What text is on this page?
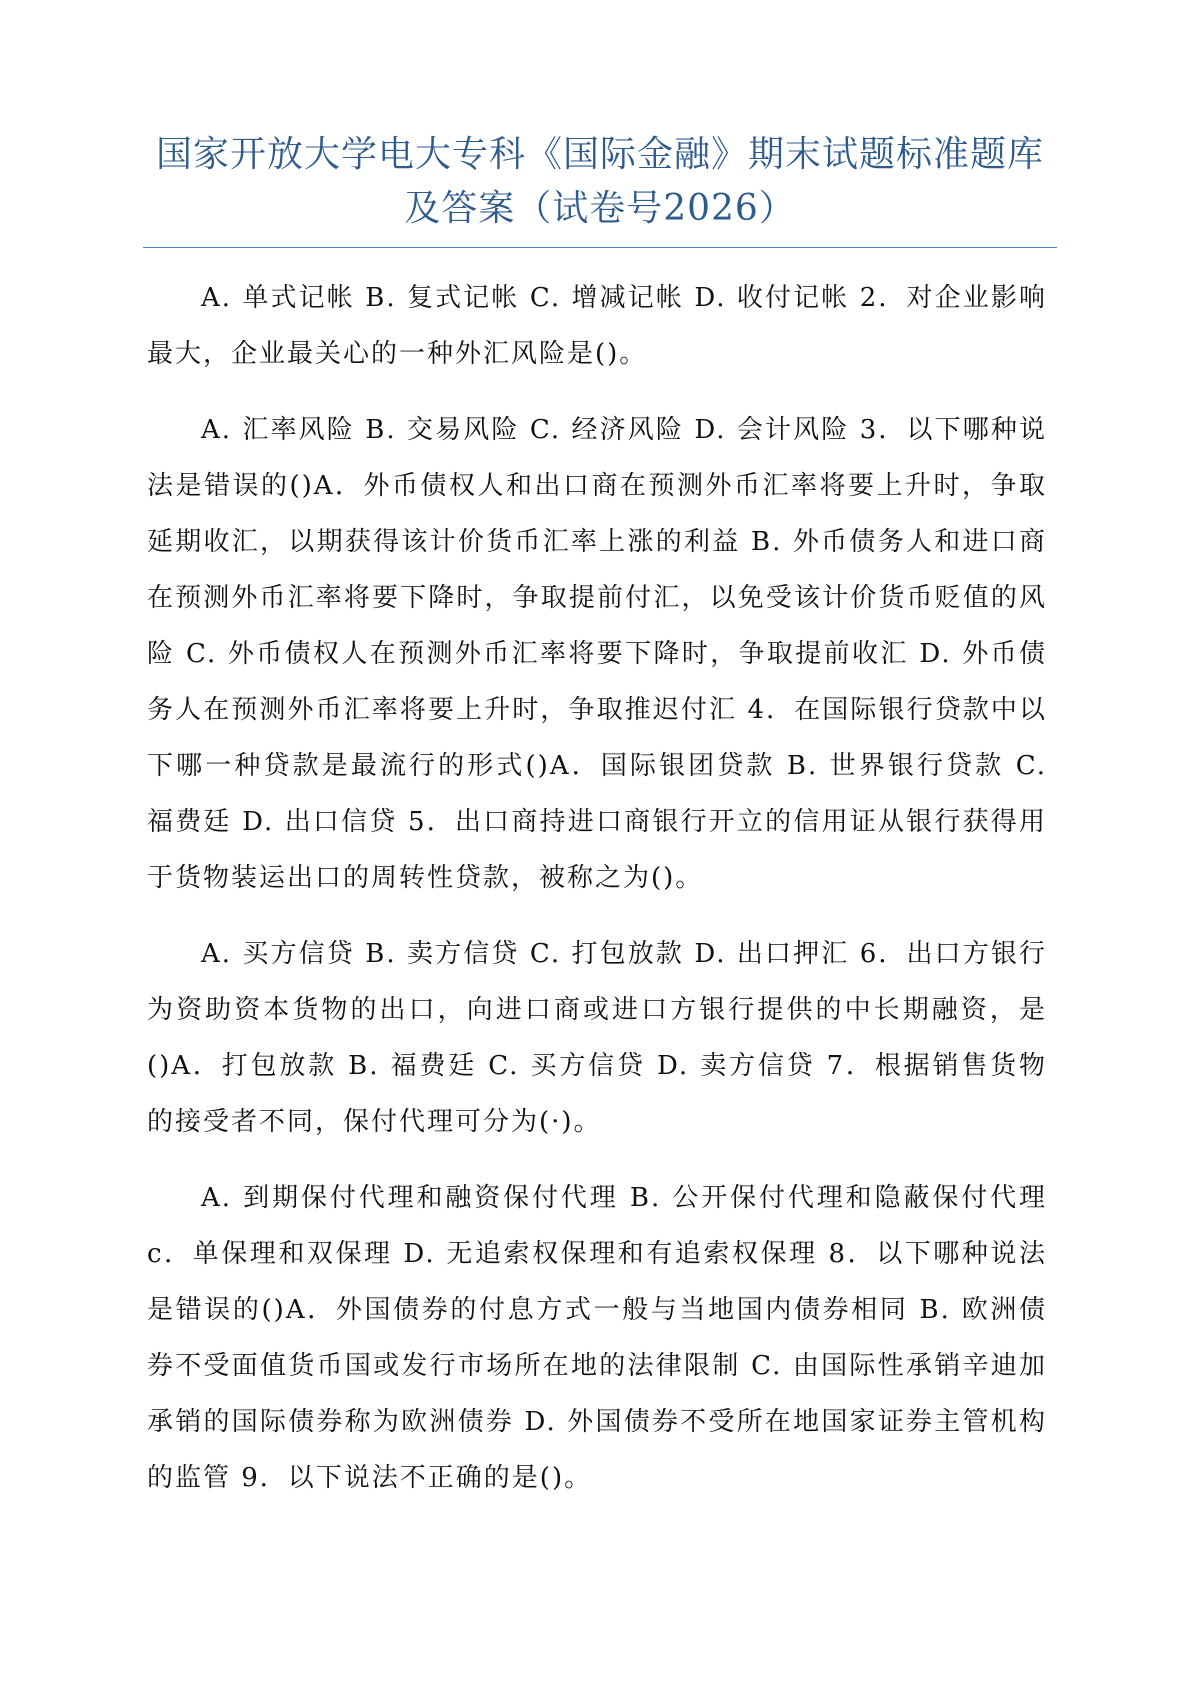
国家开放大学电大专科《国际金融》期末试题标准题库及答案（试卷号2026）

A. 单式记帐 B. 复式记帐 C. 增减记帐 D. 收付记帐 2．对企业影响最大，企业最关心的一种外汇风险是()。

A. 汇率风险 B. 交易风险 C. 经济风险 D. 会计风险 3．以下哪种说法是错误的()A．外币债权人和出口商在预测外币汇率将要上升时，争取延期收汇，以期获得该计价货币汇率上涨的利益 B. 外币债务人和进口商在预测外币汇率将要下降时，争取提前付汇，以免受该计价货币贬值的风险 C. 外币债权人在预测外币汇率将要下降时，争取提前收汇 D. 外币债务人在预测外币汇率将要上升时，争取推迟付汇 4．在国际银行贷款中以下哪一种贷款是最流行的形式()A．国际银团贷款 B. 世界银行贷款 C. 福费廷 D. 出口信贷 5．出口商持进口商银行开立的信用证从银行获得用于货物装运出口的周转性贷款，被称之为()。

A. 买方信贷 B. 卖方信贷 C. 打包放款 D. 出口押汇 6．出口方银行为资助资本货物的出口，向进口商或进口方银行提供的中长期融资，是()A．打包放款 B. 福费廷 C. 买方信贷 D. 卖方信贷 7．根据销售货物的接受者不同，保付代理可分为(·)。

A. 到期保付代理和融资保付代理 B. 公开保付代理和隐蔽保付代理 c．单保理和双保理 D. 无追索权保理和有追索权保理 8．以下哪种说法是错误的()A．外国债券的付息方式一般与当地国内债券相同 B. 欧洲债券不受面值货币国或发行市场所在地的法律限制 C. 由国际性承销辛迪加承销的国际债券称为欧洲债券 D. 外国债券不受所在地国家证券主管机构的监管 9．以下说法不正确的是()。
